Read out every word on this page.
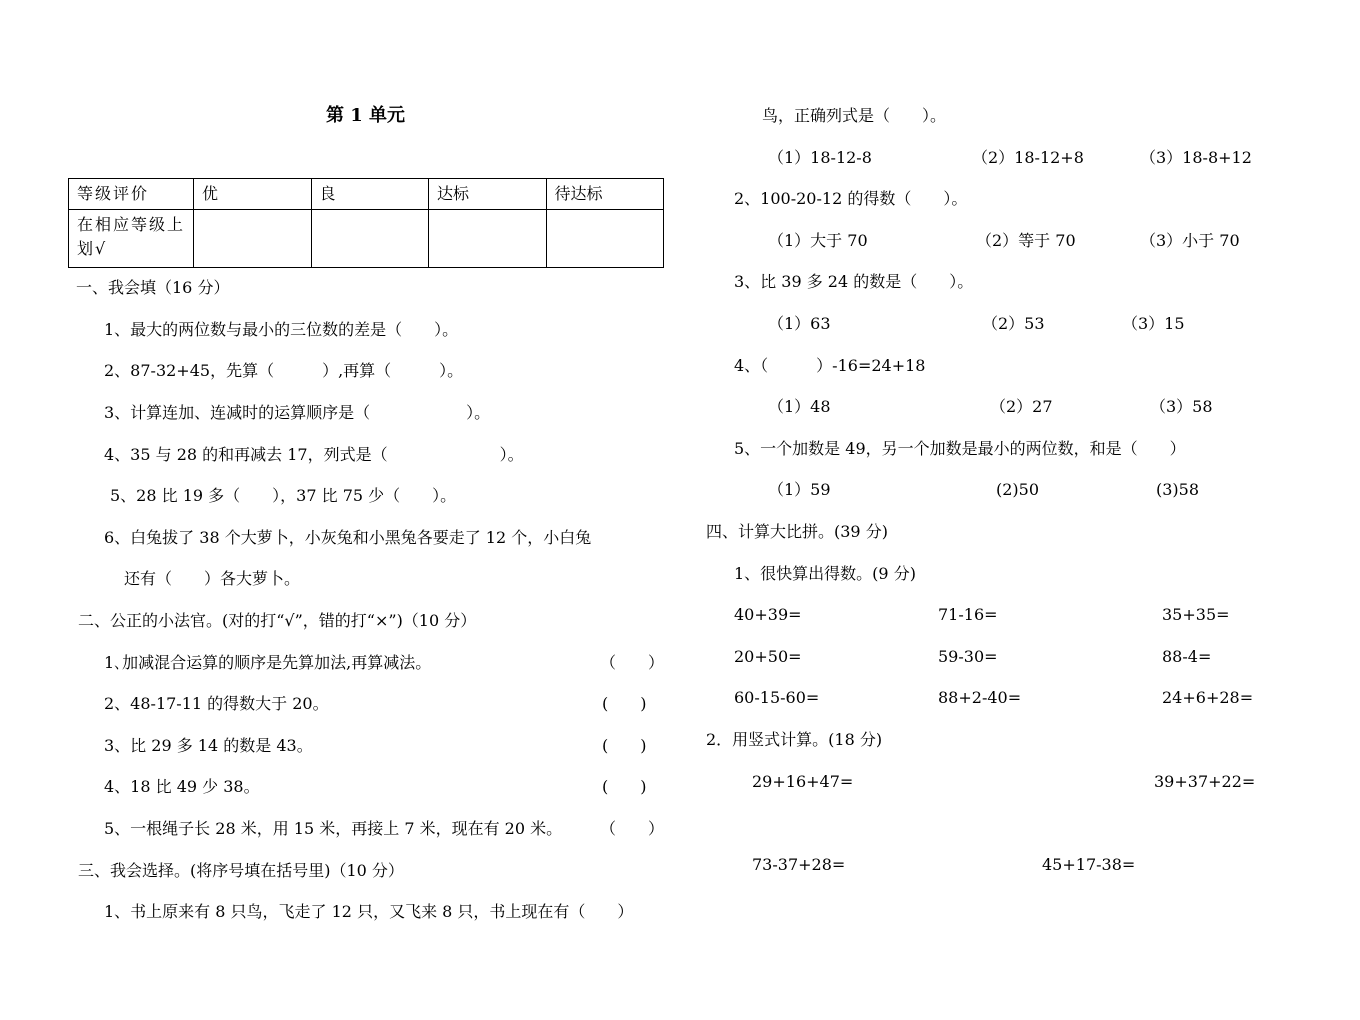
第 1 单元
等级评价	优	良	达标	待达标
在相应等级上划√				
一、我会填（16 分）
1、最大的两位数与最小的三位数的差是（　　）。
2、87-32+45，先算（　　　）,再算（　　　）。
3、计算连加、连减时的运算顺序是（　　　　　　）。
4、35 与 28 的和再减去 17，列式是（　　　　　　　）。
5、28 比 19 多（　　），37 比 75 少（　　）。
6、白兔拔了 38 个大萝卜，小灰兔和小黑兔各要走了 12 个，小白兔
还有（　　）各大萝卜。
二、公正的小法官。(对的打“√”，错的打“×”)（10 分）
1､加减混合运算的顺序是先算加法,再算减法。	（　　）
2、48-17-11 的得数大于 20。	(　　)
3、比 29 多 14 的数是 43。	(　　)
4、18 比 49 少 38。	(　　)
5、一根绳子长 28 米，用 15 米，再接上 7 米，现在有 20 米。 （　　）
三、我会选择。(将序号填在括号里)（10 分）
1、书上原来有 8 只鸟，飞走了 12 只，又飞来 8 只，书上现在有（　　）
鸟，正确列式是（　　）。
（1）18-12-8	（2）18-12+8	（3）18-8+12
2、100-20-12 的得数（　　）。
（1）大于 70	（2）等于 70	（3）小于 70
3、比 39 多 24 的数是（　　）。
（1）63	（2）53	（3）15
4、（　　　）-16=24+18
（1）48	（2）27	（3）58
5、一个加数是 49，另一个加数是最小的两位数，和是（　　）
（1）59	(2)50	(3)58
四、计算大比拼。(39 分)
1、很快算出得数。(9 分)
40+39=	71-16=	35+35=
20+50=	59-30=	88-4=
60-15-60=	88+2-40=	24+6+28=
2．用竖式计算。(18 分)
29+16+47=	39+37+22=
73-37+28=	45+17-38=
